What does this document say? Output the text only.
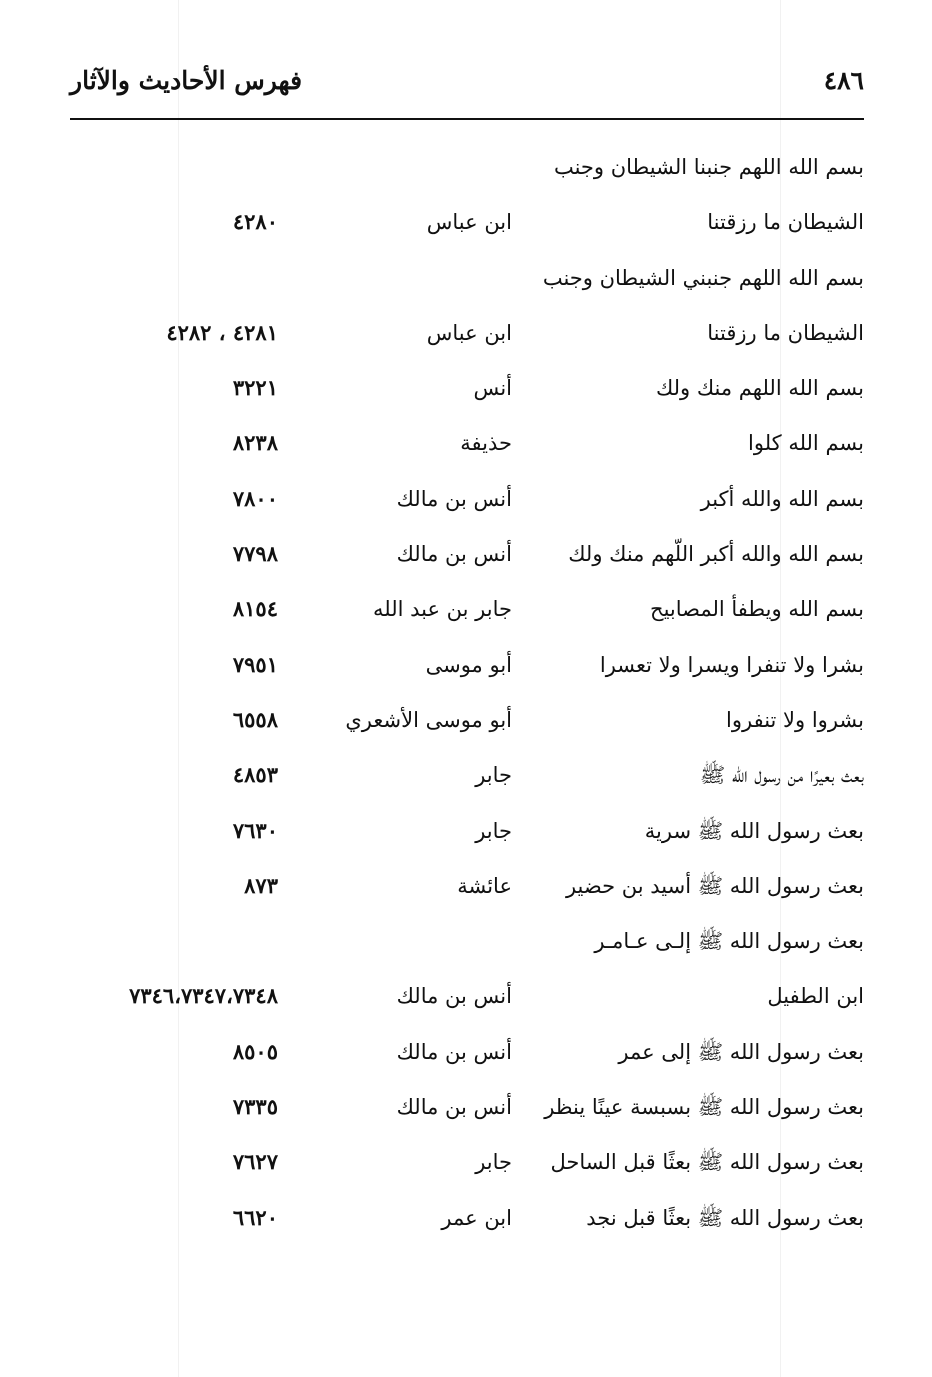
٤٨٦
فهرس الأحاديث والآثار
بسم الله اللهم جنبنا الشيطان وجنب
الشيطان ما رزقتنا
ابن عباس
٤٢٨٠
بسم الله اللهم جنبني الشيطان وجنب
الشيطان ما رزقتنا
ابن عباس
٤٢٨١ ، ٤٢٨٢
بسم الله اللهم منك ولك
أنس
٣٢٢١
بسم الله كلوا
حذيفة
٨٢٣٨
بسم الله والله أكبر
أنس بن مالك
٧٨٠٠
بسم الله والله أكبر اللّهم منك ولك
أنس بن مالك
٧٧٩٨
بسم الله ويطفأ المصابيح
جابر بن عبد الله
٨١٥٤
بشرا ولا تنفرا ويسرا ولا تعسرا
أبو موسى
٧٩٥١
بشروا ولا تنفروا
أبو موسى الأشعري
٦٥٥٨
بعث بعيرًا من رسول الله ﷺ
جابر
٤٨٥٣
بعث رسول الله ﷺ سرية
جابر
٧٦٣٠
بعث رسول الله ﷺ أسيد بن حضير
عائشة
٨٧٣
بعث رسول الله ﷺ إلـى عـامـر
ابن الطفيل
أنس بن مالك
٧٣٤٦،٧٣٤٧،٧٣٤٨
بعث رسول الله ﷺ إلى عمر
أنس بن مالك
٨٥٠٥
بعث رسول الله ﷺ بسبسة عينًا ينظر
أنس بن مالك
٧٣٣٥
بعث رسول الله ﷺ بعثًا قبل الساحل
جابر
٧٦٢٧
بعث رسول الله ﷺ بعثًا قبل نجد
ابن عمر
٦٦٢٠
